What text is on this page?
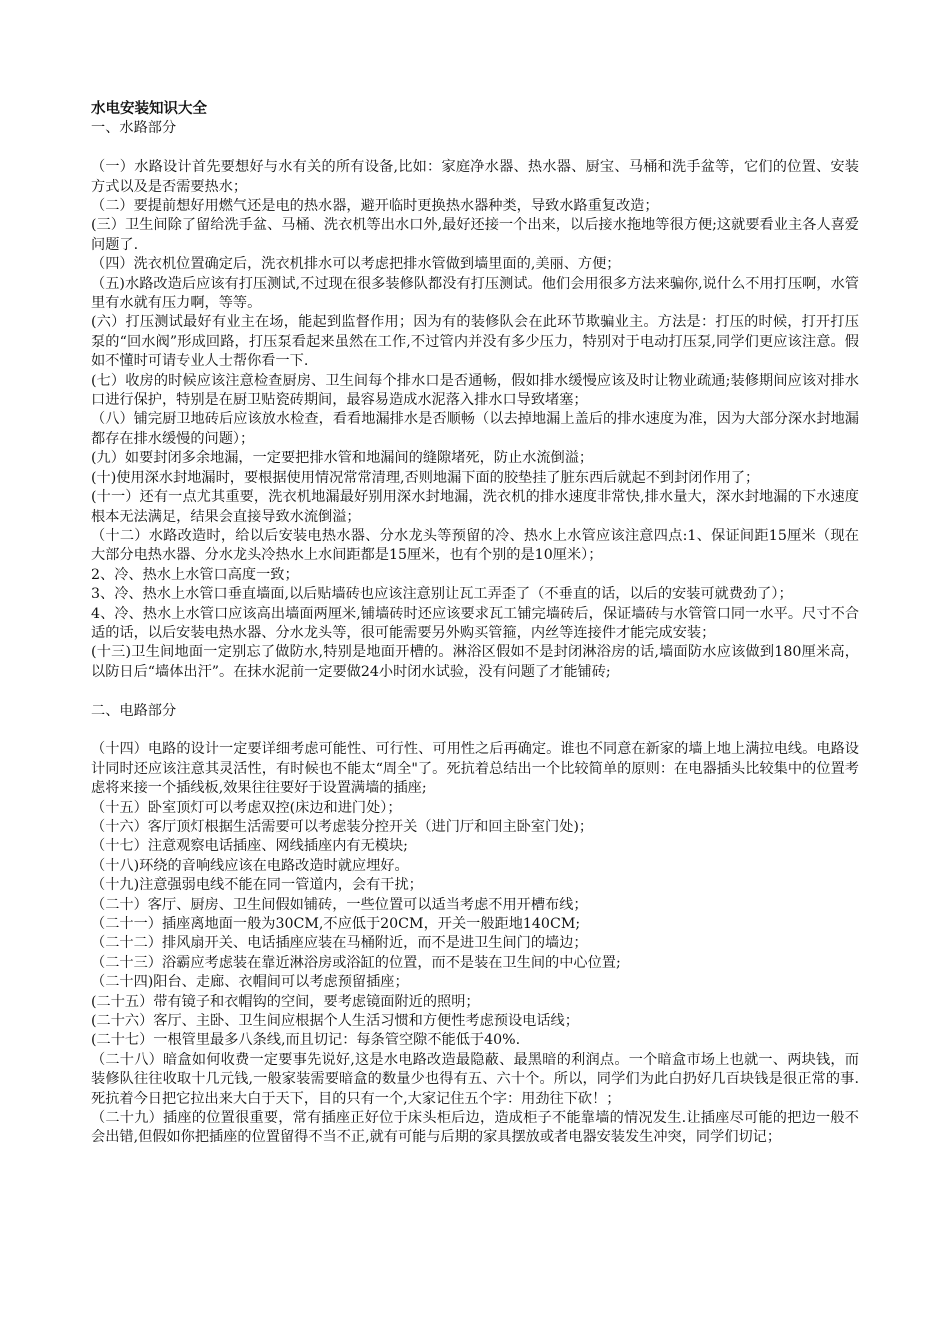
水电安装知识大全
一、水路部分
（一）水路设计首先要想好与水有关的所有设备,比如：家庭净水器、热水器、厨宝、马桶和洗手盆等，它们的位置、安装方式以及是否需要热水；
（二）要提前想好用燃气还是电的热水器，避开临时更换热水器种类，导致水路重复改造；
(三）卫生间除了留给洗手盆、马桶、洗衣机等出水口外,最好还接一个出来，以后接水拖地等很方便;这就要看业主各人喜爱问题了.
（四）洗衣机位置确定后，洗衣机排水可以考虑把排水管做到墙里面的,美丽、方便；
（五)水路改造后应该有打压测试,不过现在很多装修队都没有打压测试。他们会用很多方法来骗你,说什么不用打压啊，水管里有水就有压力啊，等等。
(六）打压测试最好有业主在场，能起到监督作用；因为有的装修队会在此环节欺骗业主。方法是：打压的时候，打开打压泵的“回水阀”形成回路，打压泵看起来虽然在工作,不过管内并没有多少压力，特别对于电动打压泵,同学们更应该注意。假如不懂时可请专业人士帮你看一下.
(七）收房的时候应该注意检查厨房、卫生间每个排水口是否通畅，假如排水缓慢应该及时让物业疏通;装修期间应该对排水口进行保护，特别是在厨卫贴瓷砖期间，最容易造成水泥落入排水口导致堵塞；
（八）铺完厨卫地砖后应该放水检查，看看地漏排水是否顺畅（以去掉地漏上盖后的排水速度为准，因为大部分深水封地漏都存在排水缓慢的问题）；
(九）如要封闭多余地漏，一定要把排水管和地漏间的缝隙堵死，防止水流倒溢；
(十)使用深水封地漏时，要根据使用情况常常清理,否则地漏下面的胶垫挂了脏东西后就起不到封闭作用了；
(十一）还有一点尤其重要，洗衣机地漏最好别用深水封地漏，洗衣机的排水速度非常快,排水量大，深水封地漏的下水速度根本无法满足，结果会直接导致水流倒溢；
（十二）水路改造时，给以后安装电热水器、分水龙头等预留的冷、热水上水管应该注意四点:1、保证间距15厘米（现在大部分电热水器、分水龙头冷热水上水间距都是15厘米，也有个别的是10厘米）；
2、冷、热水上水管口高度一致；
3、冷、热水上水管口垂直墙面,以后贴墙砖也应该注意别让瓦工弄歪了（不垂直的话，以后的安装可就费劲了）；
4、冷、热水上水管口应该高出墙面两厘米,铺墙砖时还应该要求瓦工铺完墙砖后，保证墙砖与水管管口同一水平。尺寸不合适的话，以后安装电热水器、分水龙头等，很可能需要另外购买管箍，内丝等连接件才能完成安装；
(十三)卫生间地面一定别忘了做防水,特别是地面开槽的。淋浴区假如不是封闭淋浴房的话,墙面防水应该做到180厘米高，以防日后“墙体出汗”。在抹水泥前一定要做24小时闭水试验，没有问题了才能铺砖;
二、电路部分
（十四）电路的设计一定要详细考虑可能性、可行性、可用性之后再确定。谁也不同意在新家的墙上地上满拉电线。电路设计同时还应该注意其灵活性，有时候也不能太“周全"了。死抗着总结出一个比较简单的原则：在电器插头比较集中的位置考虑将来接一个插线板,效果往往要好于设置满墙的插座;
（十五）卧室顶灯可以考虑双控(床边和进门处）；
（十六）客厅顶灯根据生活需要可以考虑装分控开关（进门厅和回主卧室门处)；
（十七）注意观察电话插座、网线插座内有无模块;
（十八)环绕的音响线应该在电路改造时就应埋好。
（十九)注意强弱电线不能在同一管道内，会有干扰；
（二十）客厅、厨房、卫生间假如铺砖，一些位置可以适当考虑不用开槽布线；
（二十一）插座离地面一般为30CM,不应低于20CM，开关一般距地140CM;
（二十二）排风扇开关、电话插座应装在马桶附近，而不是进卫生间门的墙边；
（二十三）浴霸应考虑装在靠近淋浴房或浴缸的位置，而不是装在卫生间的中心位置;
（二十四)阳台、走廊、衣帽间可以考虑预留插座；
(二十五）带有镜子和衣帽钩的空间，要考虑镜面附近的照明；
(二十六）客厅、主卧、卫生间应根据个人生活习惯和方便性考虑预设电话线；
(二十七）一根管里最多八条线,而且切记：每条管空隙不能低于40%.
（二十八）暗盒如何收费一定要事先说好,这是水电路改造最隐蔽、最黑暗的利润点。一个暗盒市场上也就一、两块钱，而装修队往往收取十几元钱,一般家装需要暗盒的数量少也得有五、六十个。所以，同学们为此白扔好几百块钱是很正常的事.死抗着今日把它拉出来大白于天下，目的只有一个,大家记住五个字：用劲往下砍！；
（二十九）插座的位置很重要，常有插座正好位于床头柜后边，造成柜子不能靠墙的情况发生.让插座尽可能的把边一般不会出错,但假如你把插座的位置留得不当不正,就有可能与后期的家具摆放或者电器安装发生冲突，同学们切记；
